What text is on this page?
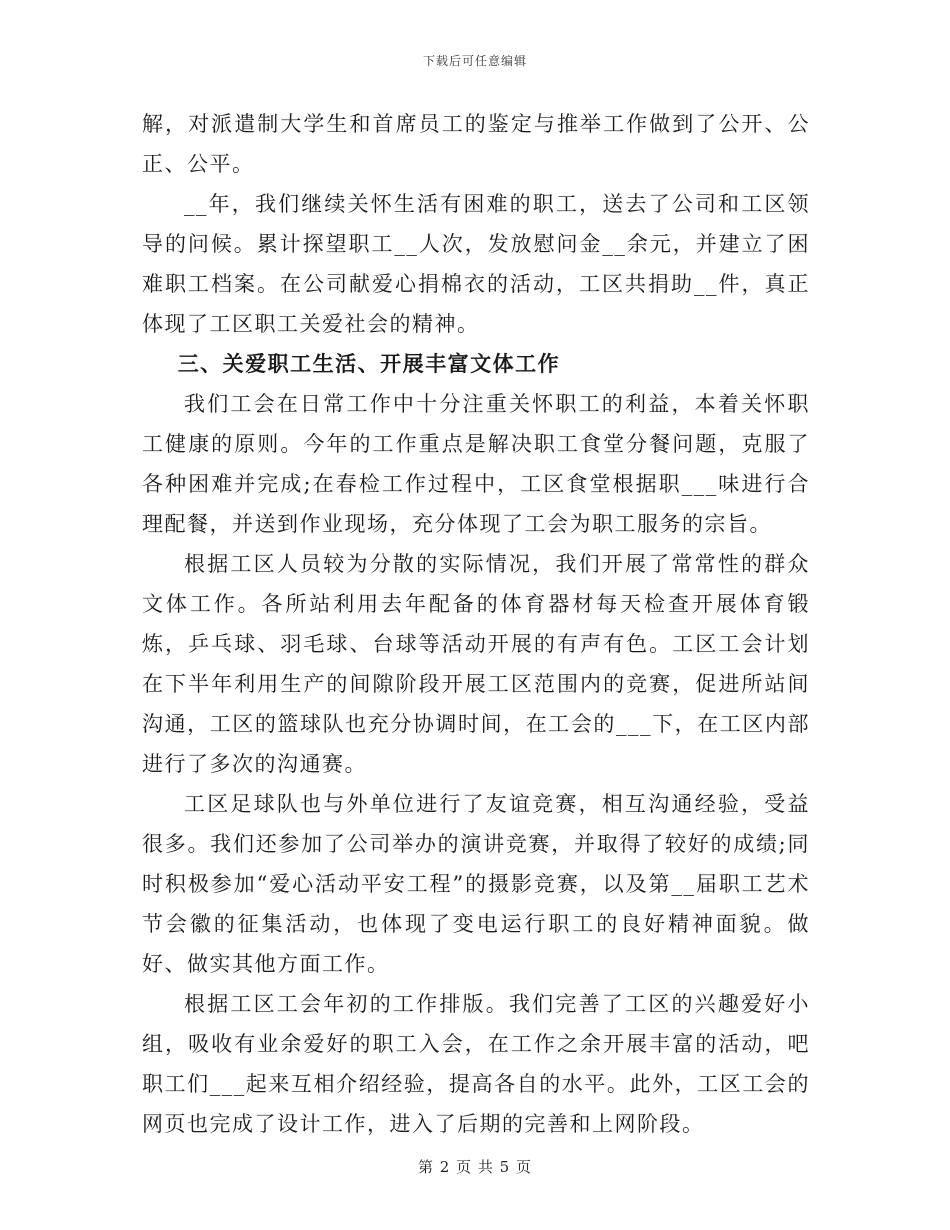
下载后可任意编辑

解，对派遣制大学生和首席员工的鉴定与推举工作做到了公开、公正、公平。

__年，我们继续关怀生活有困难的职工，送去了公司和工区领导的问候。累计探望职工__人次，发放慰问金__余元，并建立了困难职工档案。在公司献爱心捐棉衣的活动，工区共捐助__件，真正体现了工区职工关爱社会的精神。

三、关爱职工生活、开展丰富文体工作

我们工会在日常工作中十分注重关怀职工的利益，本着关怀职工健康的原则。今年的工作重点是解决职工食堂分餐问题，克服了各种困难并完成;在春检工作过程中，工区食堂根据职___味进行合理配餐，并送到作业现场，充分体现了工会为职工服务的宗旨。

根据工区人员较为分散的实际情况，我们开展了常常性的群众文体工作。各所站利用去年配备的体育器材每天检查开展体育锻炼，乒乓球、羽毛球、台球等活动开展的有声有色。工区工会计划在下半年利用生产的间隙阶段开展工区范围内的竞赛，促进所站间沟通，工区的篮球队也充分协调时间，在工会的___下，在工区内部进行了多次的沟通赛。

工区足球队也与外单位进行了友谊竞赛，相互沟通经验，受益很多。我们还参加了公司举办的演讲竞赛，并取得了较好的成绩;同时积极参加“爱心活动平安工程”的摄影竞赛，以及第__届职工艺术节会徽的征集活动，也体现了变电运行职工的良好精神面貌。做好、做实其他方面工作。

根据工区工会年初的工作排版。我们完善了工区的兴趣爱好小组，吸收有业余爱好的职工入会，在工作之余开展丰富的活动，吧职工们___起来互相介绍经验，提高各自的水平。此外，工区工会的网页也完成了设计工作，进入了后期的完善和上网阶段。

第 2 页 共 5 页
